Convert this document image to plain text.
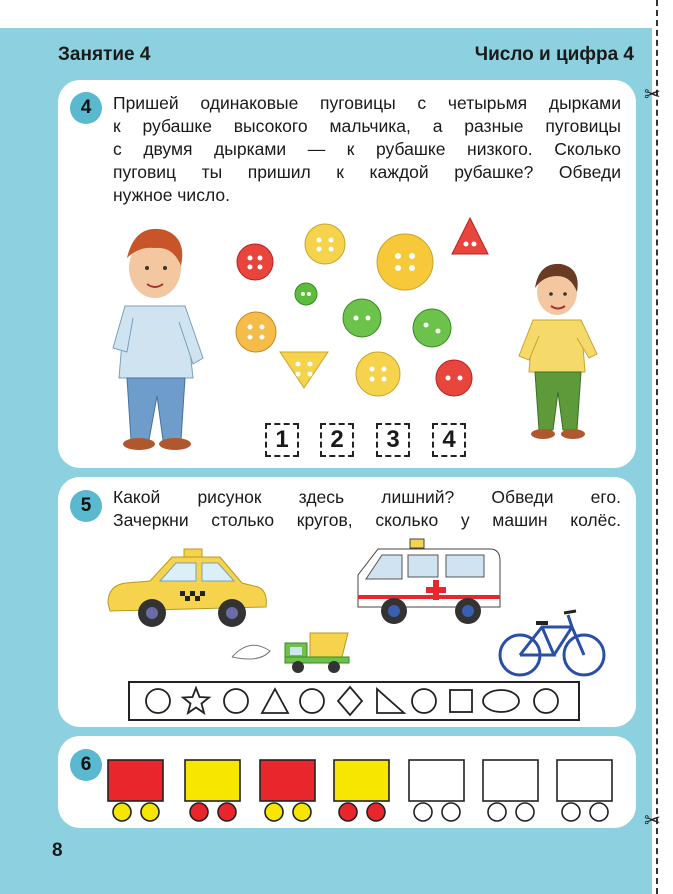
✂
✂
Занятие 4	Число и цифра 4
4	Пришей одинаковые пуговицы с четырьмя дырками
к рубашке высокого мальчика, а разные пуговицы
с двумя дырками — к рубашке низкого. Сколько
пуговиц ты пришил к каждой рубашке? Обведи
нужное число.
1	2	3	4
5	Какой рисунок здесь лишний? Обведи его.
Зачеркни столько кругов, сколько у машин колёс.
6
8
